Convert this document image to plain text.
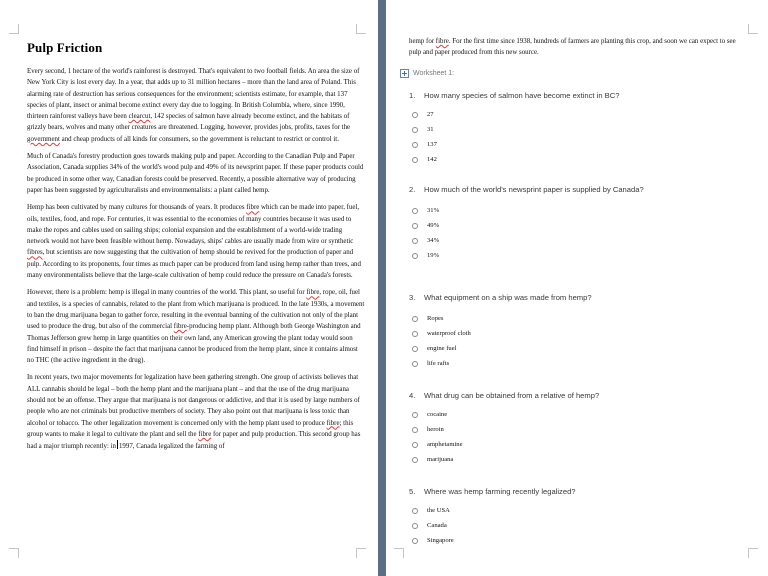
Pulp Friction

Every second, 1 hectare of the world's rainforest is destroyed. That's equivalent to two football fields. An area the size of New York City is lost every day. In a year, that adds up to 31 million hectares – more than the land area of Poland. This alarming rate of destruction has serious consequences for the environment; scientists estimate, for example, that 137 species of plant, insect or animal become extinct every day due to logging. In British Columbia, where, since 1990, thirteen rainforest valleys have been clearcut, 142 species of salmon have already become extinct, and the habitats of grizzly bears, wolves and many other creatures are threatened. Logging, however, provides jobs, profits, taxes for the government and cheap products of all kinds for consumers, so the government is reluctant to restrict or control it.

Much of Canada's forestry production goes towards making pulp and paper. According to the Canadian Pulp and Paper Association, Canada supplies 34% of the world's wood pulp and 49% of its newsprint paper. If these paper products could be produced in some other way, Canadian forests could be preserved. Recently, a possible alternative way of producing paper has been suggested by agriculturalists and environmentalists: a plant called hemp.

Hemp has been cultivated by many cultures for thousands of years. It produces fibre which can be made into paper, fuel, oils, textiles, food, and rope. For centuries, it was essential to the economies of many countries because it was used to make the ropes and cables used on sailing ships; colonial expansion and the establishment of a world-wide trading network would not have been feasible without hemp. Nowadays, ships' cables are usually made from wire or synthetic fibres, but scientists are now suggesting that the cultivation of hemp should be revived for the production of paper and pulp. According to its proponents, four times as much paper can be produced from land using hemp rather than trees, and many environmentalists believe that the large-scale cultivation of hemp could reduce the pressure on Canada's forests.

However, there is a problem: hemp is illegal in many countries of the world. This plant, so useful for fibre, rope, oil, fuel and textiles, is a species of cannabis, related to the plant from which marijuana is produced. In the late 1930s, a movement to ban the drug marijuana began to gather force, resulting in the eventual banning of the cultivation not only of the plant used to produce the drug, but also of the commercial fibre-producing hemp plant. Although both George Washington and Thomas Jefferson grew hemp in large quantities on their own land, any American growing the plant today would soon find himself in prison – despite the fact that marijuana cannot be produced from the hemp plant, since it contains almost no THC (the active ingredient in the drug).

In recent years, two major movements for legalization have been gathering strength. One group of activists believes that ALL cannabis should be legal – both the hemp plant and the marijuana plant – and that the use of the drug marijuana should not be an offense. They argue that marijuana is not dangerous or addictive, and that it is used by large numbers of people who are not criminals but productive members of society. They also point out that marijuana is less toxic than alcohol or tobacco. The other legalization movement is concerned only with the hemp plant used to produce fibre; this group wants to make it legal to cultivate the plant and sell the fibre for paper and pulp production. This second group has had a major triumph recently: in 1997, Canada legalized the farming of

hemp for fibre. For the first time since 1938, hundreds of farmers are planting this crop, and soon we can expect to see pulp and paper produced from this new source.

Worksheet 1:
1. How many species of salmon have become extinct in BC?
27
31
137
142
2. How much of the world's newsprint paper is supplied by Canada?
31%
49%
34%
19%
3. What equipment on a ship was made from hemp?
Ropes
waterproof cloth
engine fuel
life rafts
4. What drug can be obtained from a relative of hemp?
cocaine
heroin
amphetamine
marijuana
5. Where was hemp farming recently legalized?
the USA
Canada
Singapore
